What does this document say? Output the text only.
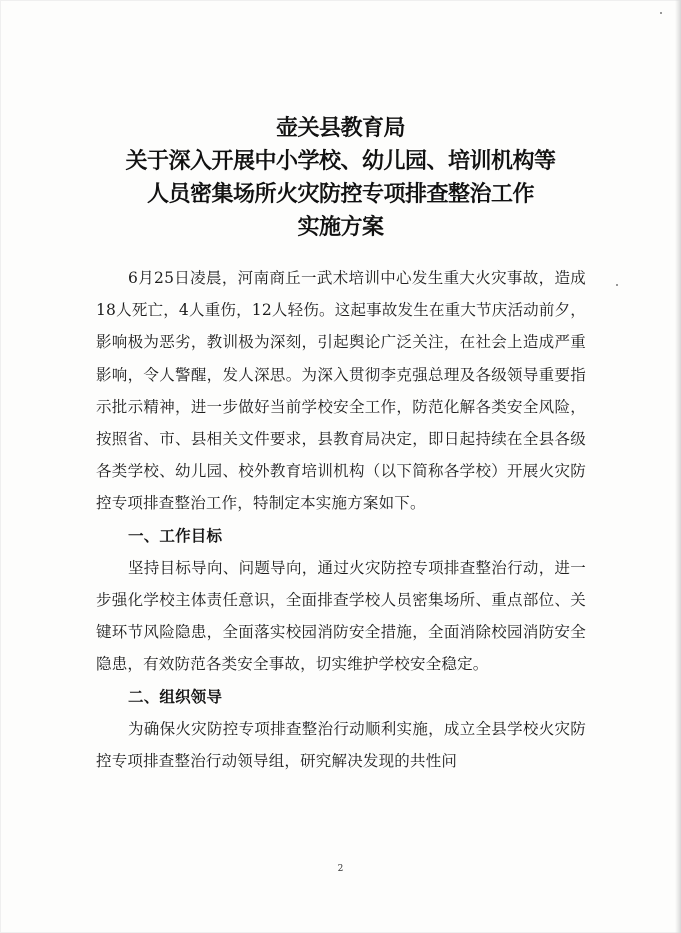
壶关县教育局
关于深入开展中小学校、幼儿园、培训机构等
人员密集场所火灾防控专项排查整治工作
实施方案

6月25日凌晨，河南商丘一武术培训中心发生重大火灾事故，造成18人死亡，4人重伤，12人轻伤。这起事故发生在重大节庆活动前夕，影响极为恶劣，教训极为深刻，引起舆论广泛关注，在社会上造成严重影响，令人警醒，发人深思。为深入贯彻李克强总理及各级领导重要指示批示精神，进一步做好当前学校安全工作，防范化解各类安全风险，按照省、市、县相关文件要求，县教育局决定，即日起持续在全县各级各类学校、幼儿园、校外教育培训机构（以下简称各学校）开展火灾防控专项排查整治工作，特制定本实施方案如下。

一、工作目标

坚持目标导向、问题导向，通过火灾防控专项排查整治行动，进一步强化学校主体责任意识，全面排查学校人员密集场所、重点部位、关键环节风险隐患，全面落实校园消防安全措施，全面消除校园消防安全隐患，有效防范各类安全事故，切实维护学校安全稳定。

二、组织领导

为确保火灾防控专项排查整治行动顺利实施，成立全县学校火灾防控专项排查整治行动领导组，研究解决发现的共性问

2
